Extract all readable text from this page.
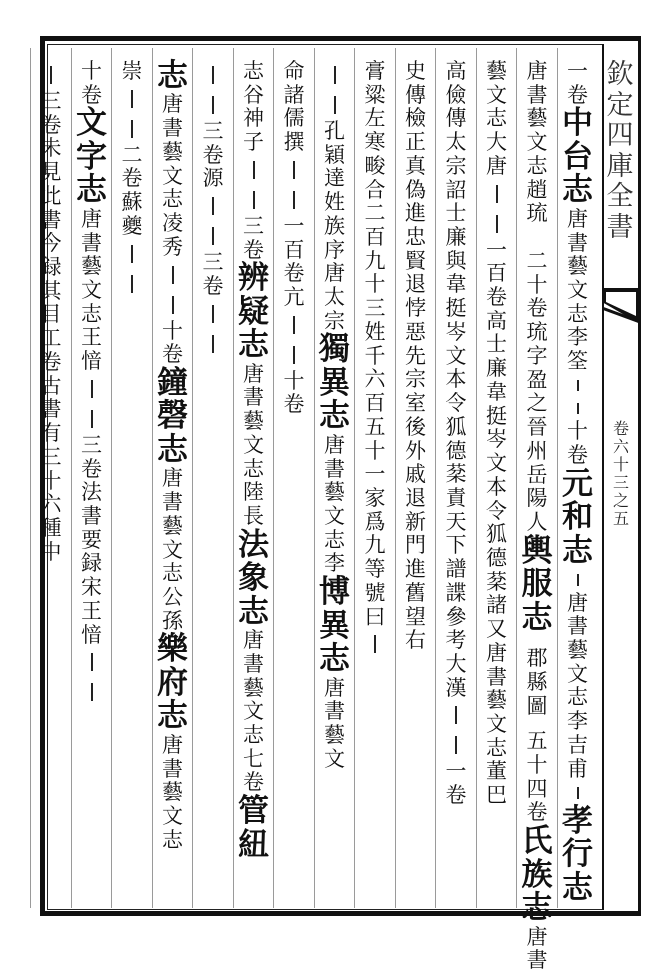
一
卷
中
台
志
唐
書
藝
文
志
李
筌
十
卷
元
和
志
唐
書
藝
文
志
李
吉
甫
孝
行
志
唐
書
藝
文
志
趙
琉
二
十
卷
琉
字
盈
之
晉
州
岳
陽
人
輿
服
志
郡
縣
圖
五
十
四
卷
氏
族
志
唐
書
藝
文
志
大
唐
一
百
卷
高
士
廉
韋
挺
岑
文
本
令
狐
德
棻
諸
又
唐
書
藝
文
志
董
巴
高
儉
傳
太
宗
詔
士
廉
與
韋
挺
岑
文
本
令
狐
德
棻
責
天
下
譜
諜
參
考
大
漢
一
卷
史
傳
檢
正
真
偽
進
忠
賢
退
悖
惡
先
宗
室
後
外
戚
退
新
門
進
舊
望
右
膏
粱
左
寒
畯
合
二
百
九
十
三
姓
千
六
百
五
十
一
家
爲
九
等
號
曰
孔
穎
達
姓
族
序
唐
太
宗
獨
異
志
唐
書
藝
文
志
李
博
異
志
唐
書
藝
文
命
諸
儒
撰
一
百
卷
亢
十
卷
志
谷
神
子
三
卷
辨
疑
志
唐
書
藝
文
志
陸
長
法
象
志
唐
書
藝
文
志
七
卷
管
紐
三
卷
源
三
卷
志
唐
書
藝
文
志
凌
秀
十
卷
鐘
磬
志
唐
書
藝
文
志
公
孫
樂
府
志
唐
書
藝
文
志
崇
二
卷
蘇
夔
十
卷
文
字
志
唐
書
藝
文
志
王
愔
三
卷
法
書
要
録
宋
王
愔
三
卷
未
見
此
書
今
録
其
目
工
卷
古
書
有
三
十
六
種
中
欽
定
四
庫
全
書
卷
六
十
三
之
五
